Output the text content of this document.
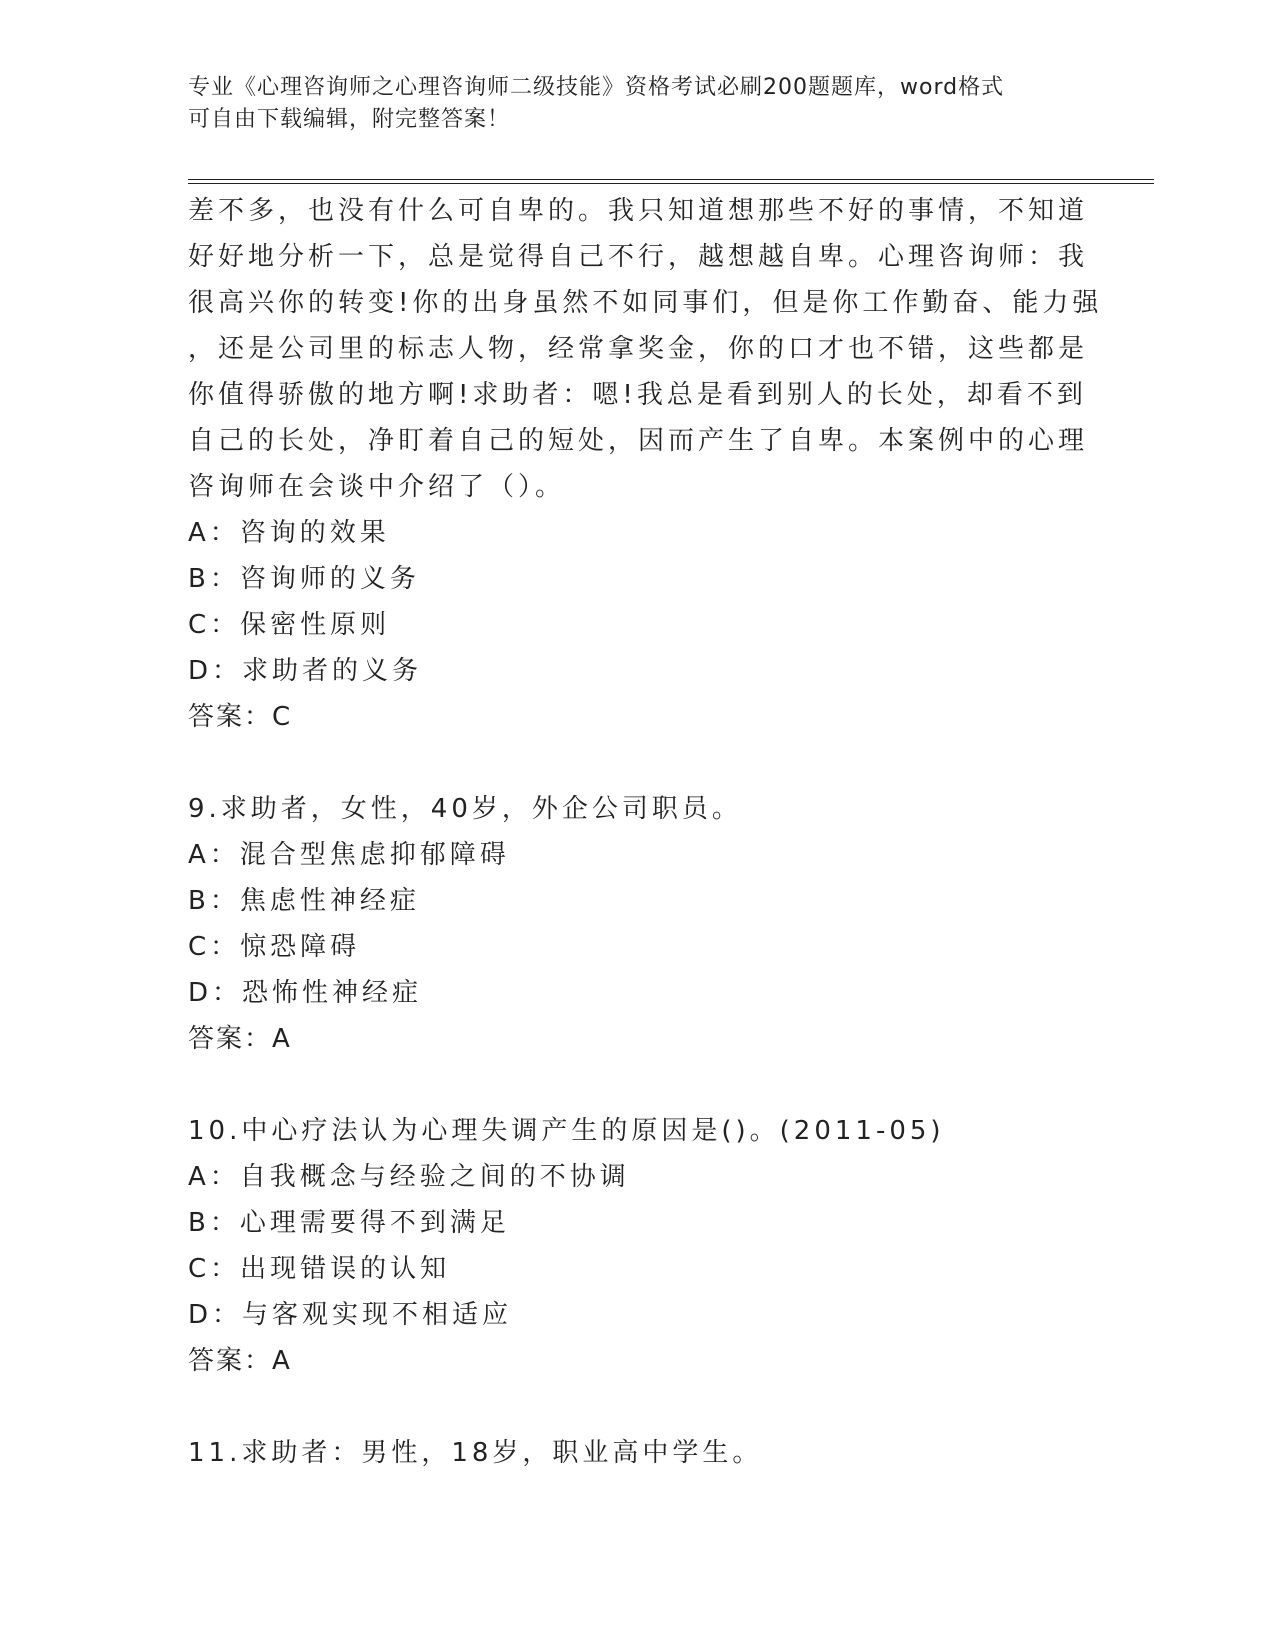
专业《心理咨询师之心理咨询师二级技能》资格考试必刷200题题库，word格式
可自由下载编辑，附完整答案！
差不多，也没有什么可自卑的。我只知道想那些不好的事情，不知道
好好地分析一下，总是觉得自己不行，越想越自卑。心理咨询师：我
很高兴你的转变!你的出身虽然不如同事们，但是你工作勤奋、能力强
，还是公司里的标志人物，经常拿奖金，你的口才也不错，这些都是
你值得骄傲的地方啊!求助者：嗯!我总是看到别人的长处，却看不到
自己的长处，净盯着自己的短处，因而产生了自卑。本案例中的心理
咨询师在会谈中介绍了（）。
A：咨询的效果
B：咨询师的义务
C：保密性原则
D：求助者的义务
答案：C
9.求助者，女性，40岁，外企公司职员。
A：混合型焦虑抑郁障碍
B：焦虑性神经症
C：惊恐障碍
D：恐怖性神经症
答案：A
10.中心疗法认为心理失调产生的原因是()。(2011-05)
A：自我概念与经验之间的不协调
B：心理需要得不到满足
C：出现错误的认知
D：与客观实现不相适应
答案：A
11.求助者：男性，18岁，职业高中学生。
